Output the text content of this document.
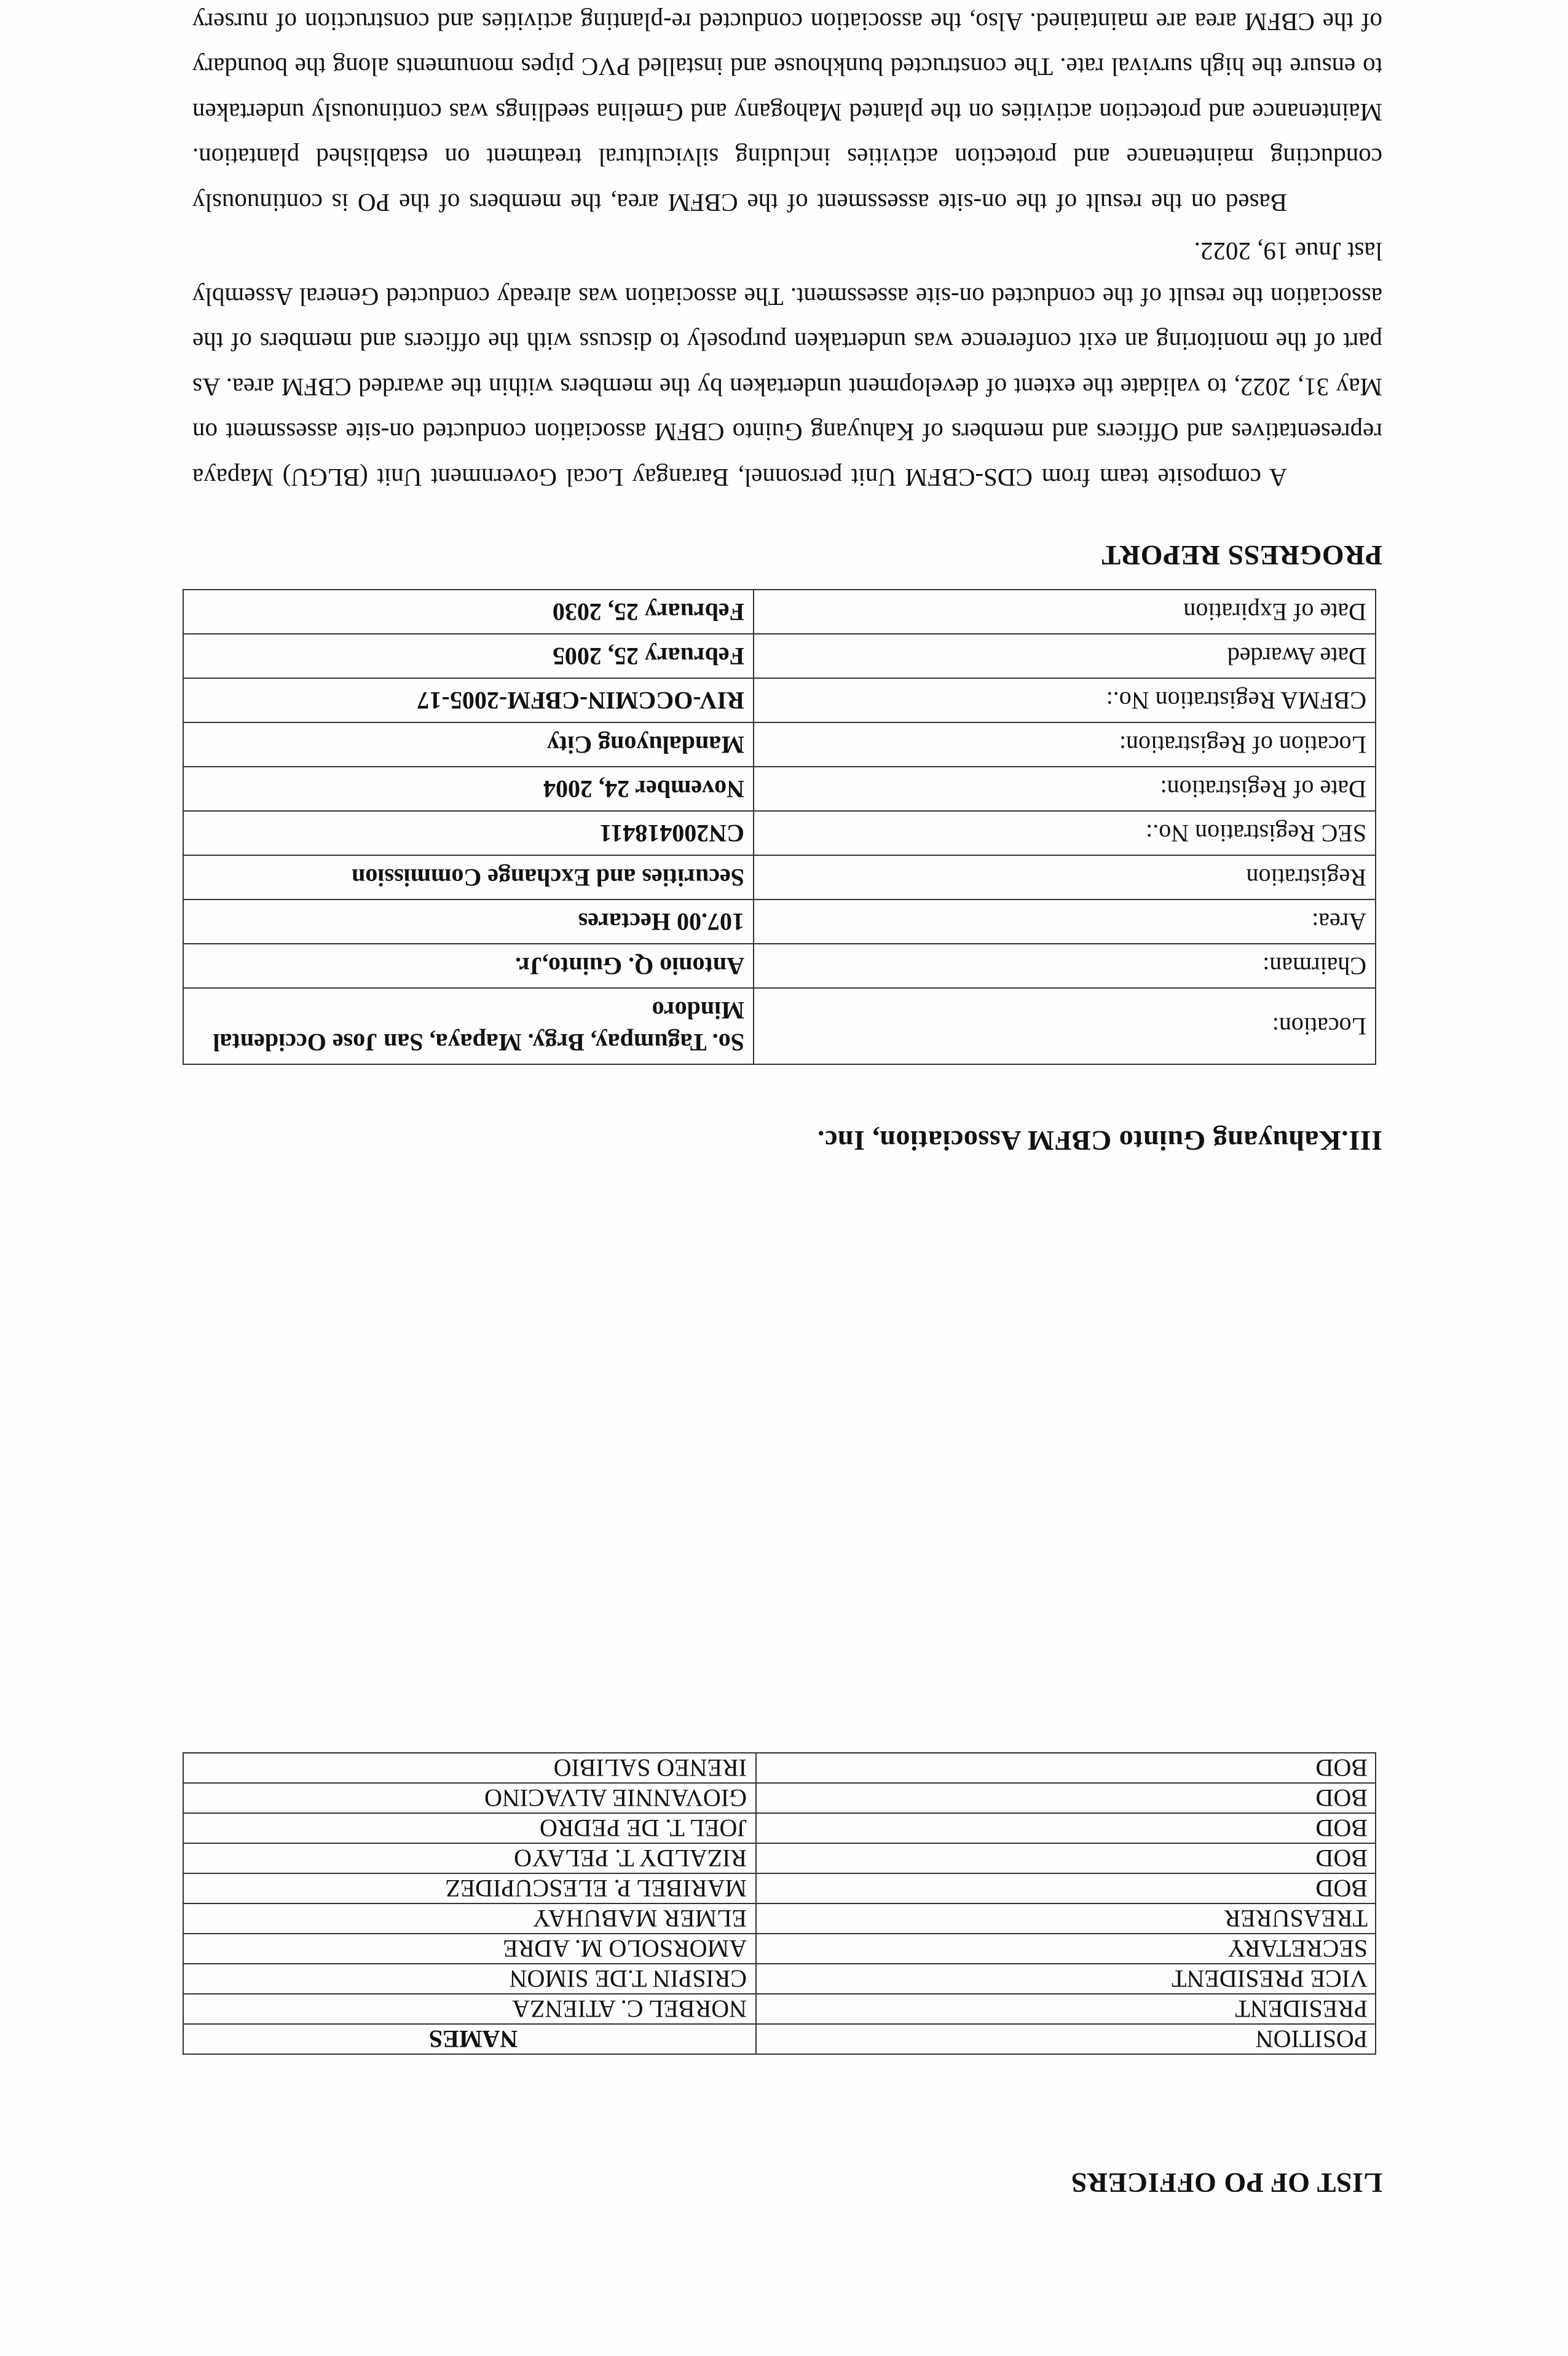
LIST OF PO OFFICERS
POSITION	NAMES
PRESIDENT	NORBEL C. ATIENZA
VICE PRESIDENT	CRISPIN T.DE SIMON
SECRETARY	AMORSOLO M. ADRE
TREASURER	ELMER MABUHAY
BOD	MARIBEL P. ELESCUPIDEZ
BOD	RIZALDY T. PELAYO
BOD	JOEL T. DE PEDRO
BOD	GIOVANNIE ALVACINO
BOD	IRENEO SALIBIO
III.Kahuyang Guinto CBFM Association, Inc.
Location:	So. Tagumpay, Brgy. Mapaya, San Jose Occidental Mindoro
Chairman:	Antonio Q. Guinto,Jr.
Area:	107.00 Hectares
Registration	Securities and Exchange Commission
SEC Registration No.:	CN200418411
Date of Registration:	November 24, 2004
Location of Registration:	Mandaluyong City
CBFMA Registration No.:	RIV-OCCMIN-CBFM-2005-17
Date Awarded	February 25, 2005
Date of Expiration	February 25, 2030
PROGRESS REPORT

A composite team from CDS-CBFM Unit personnel, Barangay Local Government Unit (BLGU) Mapaya representatives and Officers and members of Kahuyang Guinto CBFM association conducted on-site assessment on May 31, 2022, to validate the extent of development undertaken by the members within the awarded CBFM area. As part of the monitoring an exit conference was undertaken purposely to discuss with the officers and members of the association the result of the conducted on-site assessment. The association was already conducted General Assembly last Jnue 19, 2022.

Based on the result of the on-site assessment of the CBFM area, the members of the PO is continuously conducting maintenance and protection activities including silvicultural treatment on established plantation. Maintenance and protection activities on the planted Mahogany and Gmelina seedlings was continuously undertaken to ensure the high survival rate. The constructed bunkhouse and installed PVC pipes monuments along the boundary of the CBFM area are maintained. Also, the association conducted re-planting activities and construction of nursery
